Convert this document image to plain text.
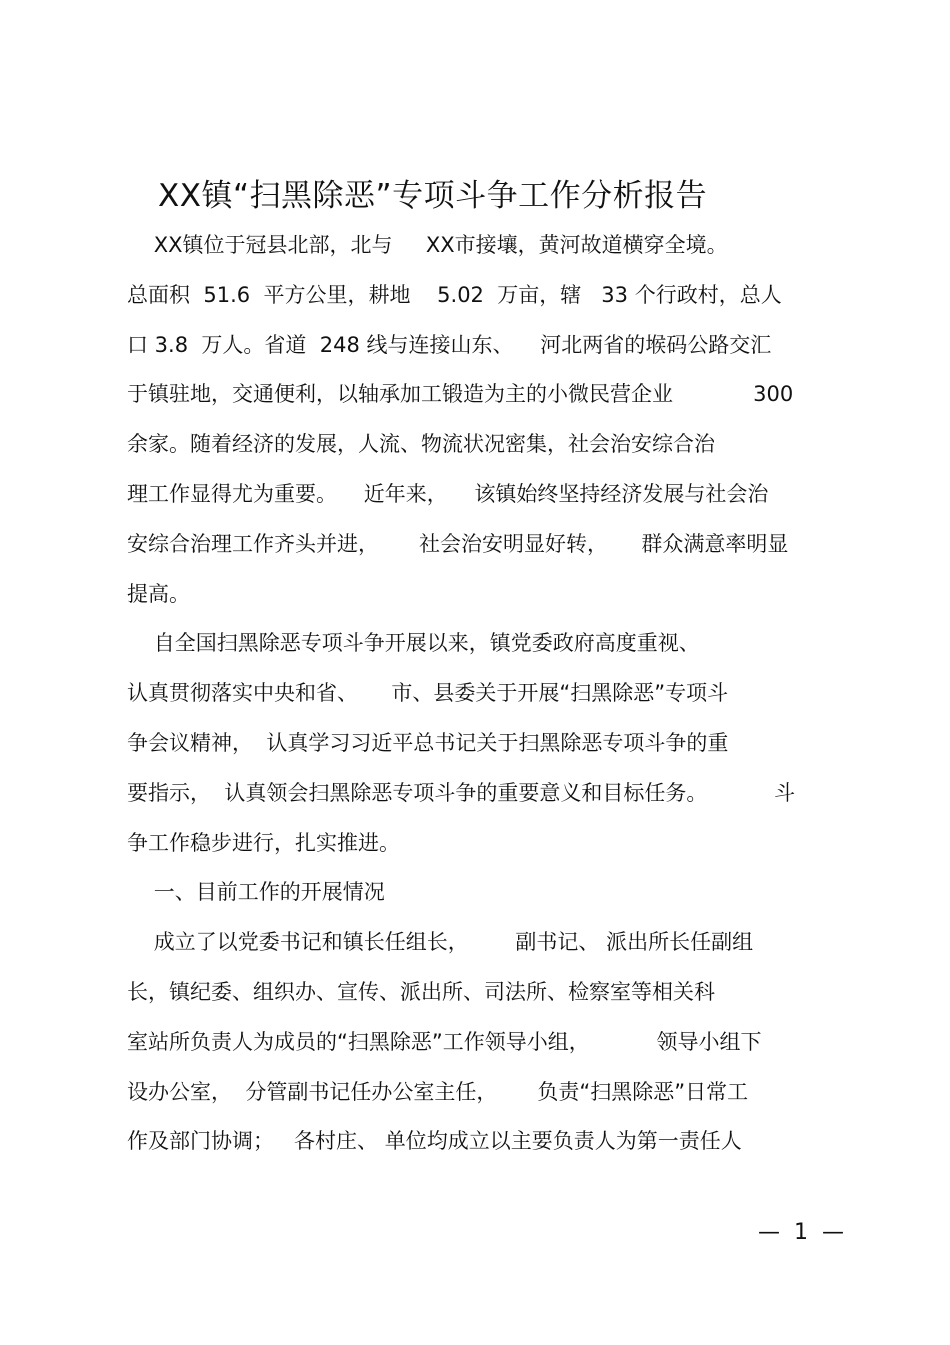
XX镇“扫黑除恶”专项斗争工作分析报告
XX镇位于冠县北部，北与     XX市接壤，黄河故道横穿全境。
总面积  51.6  平方公里，耕地    5.02  万亩，辖   33 个行政村，总人
口 3.8  万人。省道  248 线与连接山东、    河北两省的堠码公路交汇
于镇驻地，交通便利，以轴承加工锻造为主的小微民营企业            300
余家。随着经济的发展，人流、物流状况密集，社会治安综合治
理工作显得尤为重要。    近年来，    该镇始终坚持经济发展与社会治
安综合治理工作齐头并进，      社会治安明显好转，     群众满意率明显
提高。
自全国扫黑除恶专项斗争开展以来，镇党委政府高度重视、
认真贯彻落实中央和省、     市、县委关于开展“扫黑除恶”专项斗
争会议精神，  认真学习习近平总书记关于扫黑除恶专项斗争的重
要指示，  认真领会扫黑除恶专项斗争的重要意义和目标任务。          斗
争工作稳步进行，扎实推进。
一、目前工作的开展情况
成立了以党委书记和镇长任组长，       副书记、 派出所长任副组
长，镇纪委、组织办、宣传、派出所、司法所、检察室等相关科
室站所负责人为成员的“扫黑除恶”工作领导小组，          领导小组下
设办公室，  分管副书记任办公室主任，      负责“扫黑除恶”日常工
作及部门协调；   各村庄、 单位均成立以主要负责人为第一责任人
—  1  —
